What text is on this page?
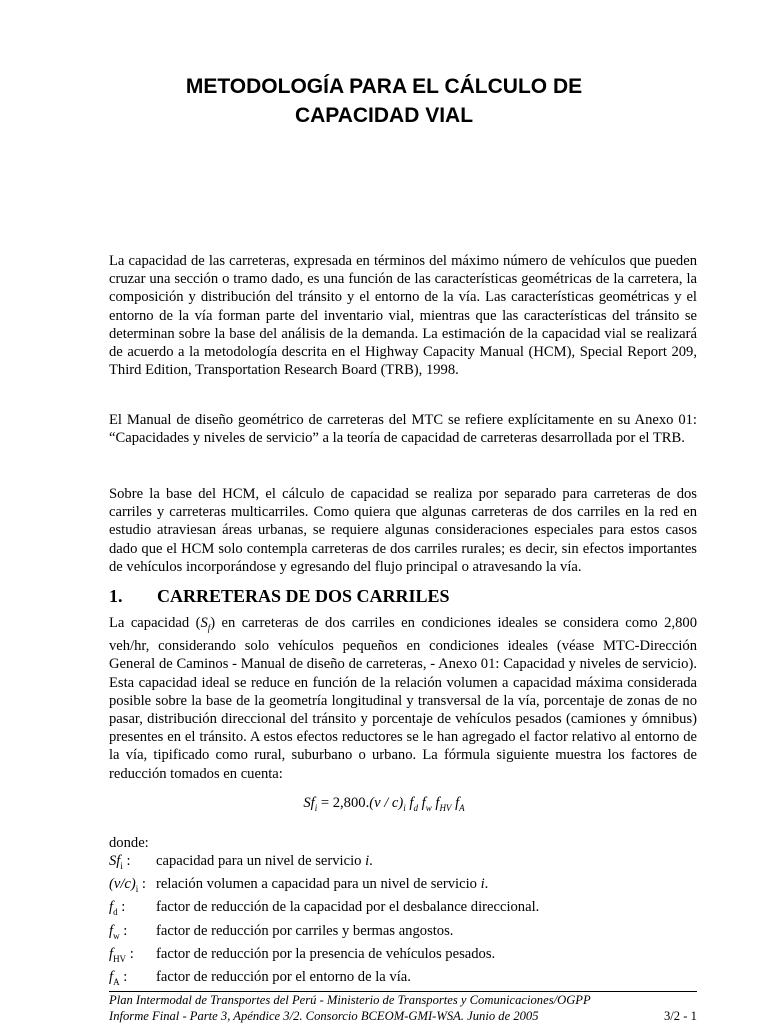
METODOLOGÍA PARA EL CÁLCULO DE
CAPACIDAD VIAL

La capacidad de las carreteras, expresada en términos del máximo número de vehículos que pueden cruzar una sección o tramo dado, es una función de las características geométricas de la carretera, la composición y distribución del tránsito y el entorno de la vía. Las características geométricas y el entorno de la vía forman parte del inventario vial, mientras que las características del tránsito se determinan sobre la base del análisis de la demanda. La estimación de la capacidad vial se realizará de acuerdo a la metodología descrita en el Highway Capacity Manual (HCM), Special Report 209, Third Edition, Transportation Research Board (TRB), 1998.

El Manual de diseño geométrico de carreteras del MTC se refiere explícitamente en su Anexo 01: “Capacidades y niveles de servicio” a la teoría de capacidad de carreteras desarrollada por el TRB.

Sobre la base del HCM, el cálculo de capacidad se realiza por separado para carreteras de dos carriles y carreteras multicarriles. Como quiera que algunas carreteras de dos carriles en la red en estudio atraviesan áreas urbanas, se requiere algunas consideraciones especiales para estos casos dado que el HCM solo contempla carreteras de dos carriles rurales; es decir, sin efectos importantes de vehículos incorporándose y egresando del flujo principal o atravesando la vía.

1. CARRETERAS DE DOS CARRILES

La capacidad $(S_f)$ en carreteras de dos carriles en condiciones ideales se considera como 2,800 veh/hr, considerando solo vehículos pequeños en condiciones ideales (véase MTC-Dirección General de Caminos - Manual de diseño de carreteras, - Anexo 01: Capacidad y niveles de servicio). Esta capacidad ideal se reduce en función de la relación volumen a capacidad máxima considerada posible sobre la base de la geometría longitudinal y transversal de la vía, porcentaje de zonas de no pasar, distribución direccional del tránsito y porcentaje de vehículos pesados (camiones y ómnibus) presentes en el tránsito. A estos efectos reductores se le han agregado el factor relativo al entorno de la vía, tipificado como rural, suburbano o urbano. La fórmula siguiente muestra los factores de reducción tomados en cuenta:

$Sf_i = 2,800.(v / c)_i$ $f_d$ $f_w$ $f_{HV}$ $f_A$
donde:
$Sf_i$ : capacidad para un nivel de servicio i.
$(v/c)_i$ : relación volumen a capacidad para un nivel de servicio i.
$f_d$ : factor de reducción de la capacidad por el desbalance direccional.
$f_w$ : factor de reducción por carriles y bermas angostos.
$f_{HV}$ : factor de reducción por la presencia de vehículos pesados.
$f_A$ : factor de reducción por el entorno de la vía.
Plan Intermodal de Transportes del Perú - Ministerio de Transportes y Comunicaciones/OGPP
Informe Final - Parte 3, Apéndice 3/2. Consorcio BCEOM-GMI-WSA. Junio de 2005	3/2 - 1
